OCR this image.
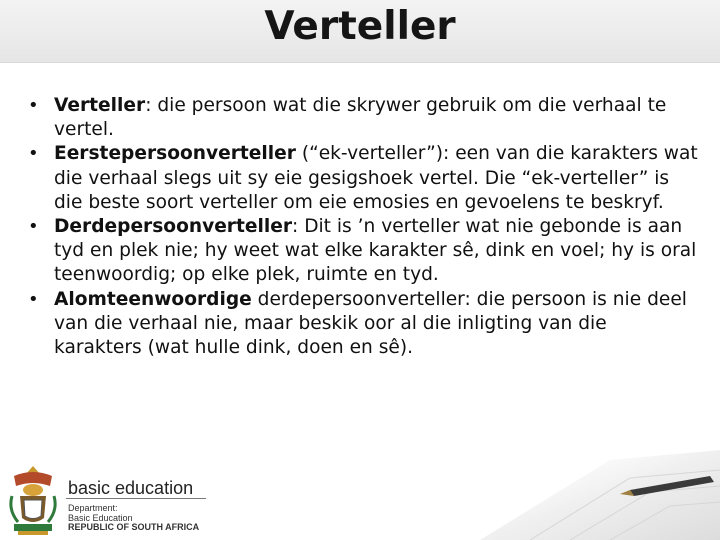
Verteller
• Verteller: die persoon wat die skrywer gebruik om die verhaal te vertel.
• Eerstepersoonverteller (“ek-verteller”): een van die karakters wat die verhaal slegs uit sy eie gesigshoek vertel. Die “ek-verteller” is die beste soort verteller om eie emosies en gevoelens te beskryf.
• Derdepersoonverteller: Dit is ’n verteller wat nie gebonde is aan tyd en plek nie; hy weet wat elke karakter sê, dink en voel; hy is oral teenwoordig; op elke plek, ruimte en tyd.
• Alomteenwoordige derdepersoonverteller: die persoon is nie deel van die verhaal nie, maar beskik oor al die inligting van die karakters (wat hulle dink, doen en sê).
basic education
Department:
Basic Education
REPUBLIC OF SOUTH AFRICA
